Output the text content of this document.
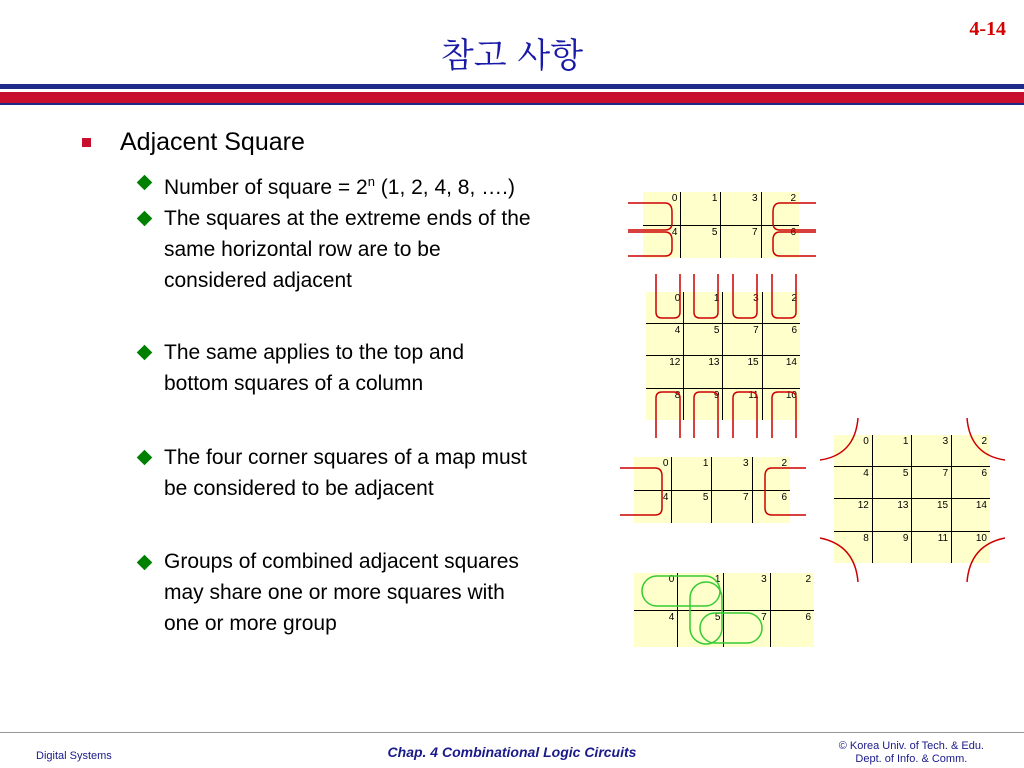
참고 사항
4-14
Adjacent Square
Number of square = $2^n$ (1, 2, 4, 8, ….)
The squares at the extreme ends of the
same horizontal row are to be
considered adjacent
The same applies to the top and
bottom squares of a column
The four corner squares of a map must
be considered to be adjacent
Groups of combined adjacent squares
may share one or more squares with
one or more group
0	1	3	2
4	5	7	6
0	1	3	2
4	5	7	6
12	13	15	14
8	9	11	10
0	1	3	2
4	5	7	6
0	1	3	2
4	5	7	6
12	13	15	14
8	9	11	10
0	1	3	2
4	5	7	6
Digital Systems	Chap. 4 Combinational Logic Circuits	© Korea Univ. of Tech. & Edu.
Dept. of Info. & Comm.
